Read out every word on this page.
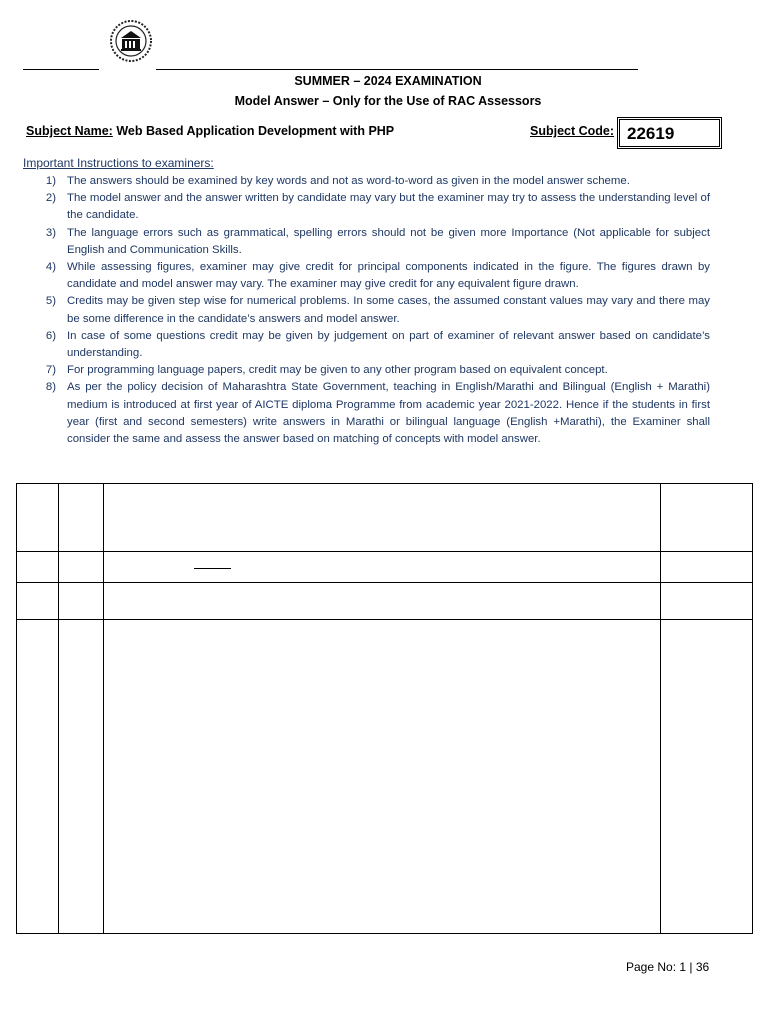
SUMMER – 2024 EXAMINATION
Model Answer – Only for the Use of RAC Assessors
Subject Name: Web Based Application Development with PHP	Subject Code: 22619
Important Instructions to examiners:
1) The answers should be examined by key words and not as word-to-word as given in the model answer scheme.
2) The model answer and the answer written by candidate may vary but the examiner may try to assess the understanding level of the candidate.
3) The language errors such as grammatical, spelling errors should not be given more Importance (Not applicable for subject English and Communication Skills.
4) While assessing figures, examiner may give credit for principal components indicated in the figure. The figures drawn by candidate and model answer may vary. The examiner may give credit for any equivalent figure drawn.
5) Credits may be given step wise for numerical problems. In some cases, the assumed constant values may vary and there may be some difference in the candidate’s answers and model answer.
6) In case of some questions credit may be given by judgement on part of examiner of relevant answer based on candidate’s understanding.
7) For programming language papers, credit may be given to any other program based on equivalent concept.
8) As per the policy decision of Maharashtra State Government, teaching in English/Marathi and Bilingual (English + Marathi) medium is introduced at first year of AICTE diploma Programme from academic year 2021-2022. Hence if the students in first year (first and second semesters) write answers in Marathi or bilingual language (English +Marathi), the Examiner shall consider the same and assess the answer based on matching of concepts with model answer.
Page No: 1 | 36
